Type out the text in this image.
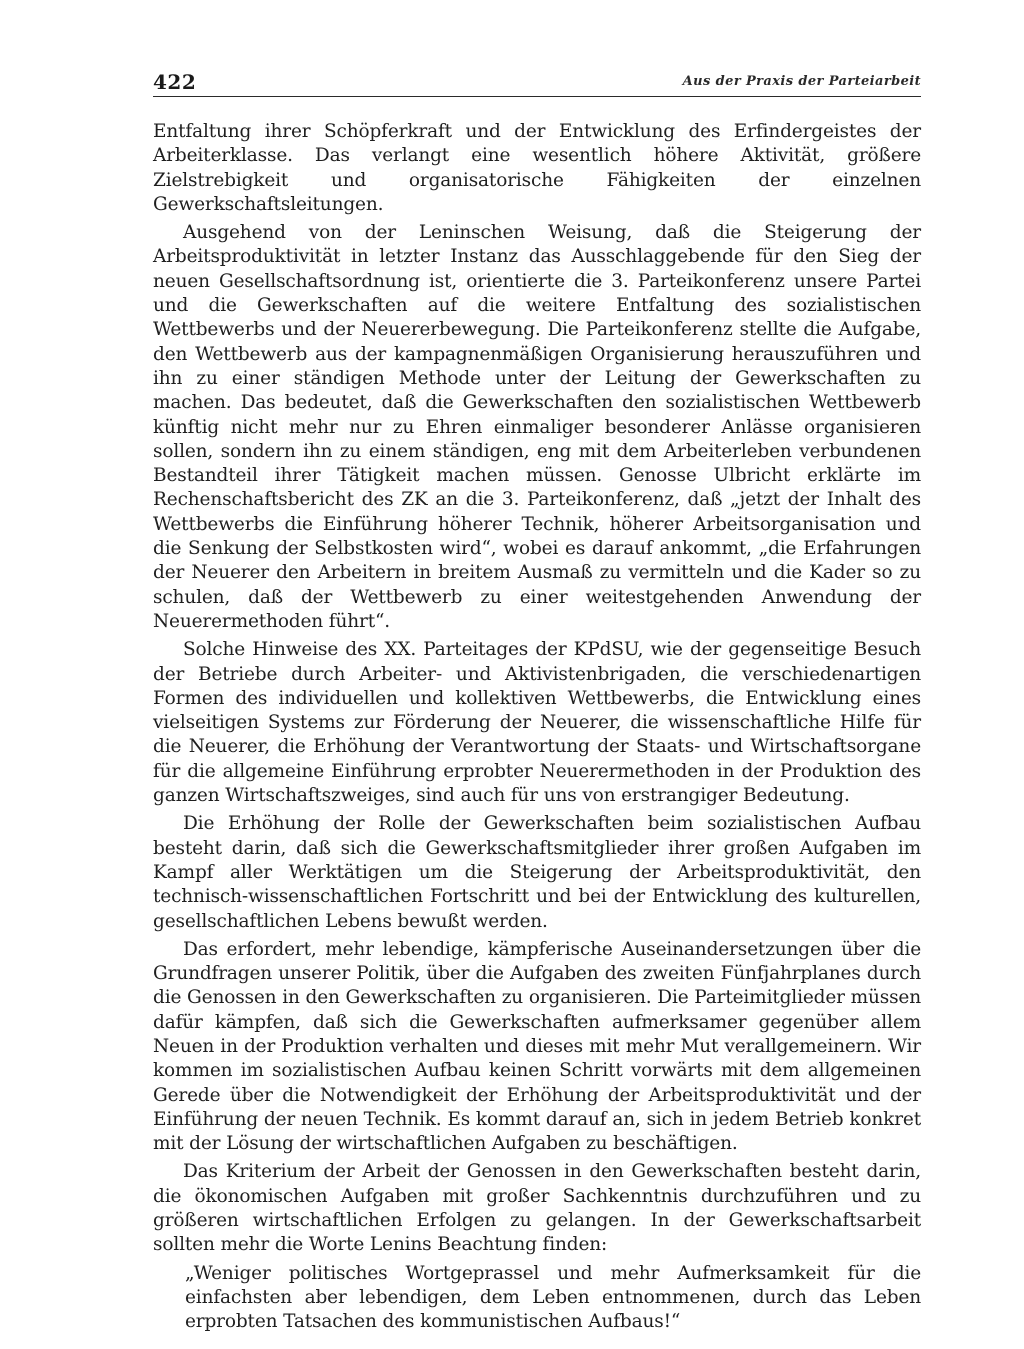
422	Aus der Praxis der Parteiarbeit

Entfaltung ihrer Schöpferkraft und der Entwicklung des Erfindergeistes der Arbeiterklasse. Das verlangt eine wesentlich höhere Aktivität, größere Zielstrebigkeit und organisatorische Fähigkeiten der einzelnen Gewerkschaftsleitungen.

Ausgehend von der Leninschen Weisung, daß die Steigerung der Arbeitsproduktivität in letzter Instanz das Ausschlaggebende für den Sieg der neuen Gesellschaftsordnung ist, orientierte die 3. Parteikonferenz unsere Partei und die Gewerkschaften auf die weitere Entfaltung des sozialistischen Wettbewerbs und der Neuererbewegung. Die Parteikonferenz stellte die Aufgabe, den Wettbewerb aus der kampagnenmäßigen Organisierung herauszuführen und ihn zu einer ständigen Methode unter der Leitung der Gewerkschaften zu machen. Das bedeutet, daß die Gewerkschaften den sozialistischen Wettbewerb künftig nicht mehr nur zu Ehren einmaliger besonderer Anlässe organisieren sollen, sondern ihn zu einem ständigen, eng mit dem Arbeiterleben verbundenen Bestandteil ihrer Tätigkeit machen müssen. Genosse Ulbricht erklärte im Rechenschaftsbericht des ZK an die 3. Parteikonferenz, daß „jetzt der Inhalt des Wettbewerbs die Einführung höherer Technik, höherer Arbeitsorganisation und die Senkung der Selbstkosten wird“, wobei es darauf ankommt, „die Erfahrungen der Neuerer den Arbeitern in breitem Ausmaß zu vermitteln und die Kader so zu schulen, daß der Wettbewerb zu einer weitestgehenden Anwendung der Neuerermethoden führt“.

Solche Hinweise des XX. Parteitages der KPdSU, wie der gegenseitige Besuch der Betriebe durch Arbeiter- und Aktivistenbrigaden, die verschiedenartigen Formen des individuellen und kollektiven Wettbewerbs, die Entwicklung eines vielseitigen Systems zur Förderung der Neuerer, die wissenschaftliche Hilfe für die Neuerer, die Erhöhung der Verantwortung der Staats- und Wirtschaftsorgane für die allgemeine Einführung erprobter Neuerermethoden in der Produktion des ganzen Wirtschaftszweiges, sind auch für uns von erstrangiger Bedeutung.

Die Erhöhung der Rolle der Gewerkschaften beim sozialistischen Aufbau besteht darin, daß sich die Gewerkschaftsmitglieder ihrer großen Aufgaben im Kampf aller Werktätigen um die Steigerung der Arbeitsproduktivität, den technisch-wissenschaftlichen Fortschritt und bei der Entwicklung des kulturellen, gesellschaftlichen Lebens bewußt werden.

Das erfordert, mehr lebendige, kämpferische Auseinandersetzungen über die Grundfragen unserer Politik, über die Aufgaben des zweiten Fünfjahrplanes durch die Genossen in den Gewerkschaften zu organisieren. Die Parteimitglieder müssen dafür kämpfen, daß sich die Gewerkschaften aufmerksamer gegenüber allem Neuen in der Produktion verhalten und dieses mit mehr Mut verallgemeinern. Wir kommen im sozialistischen Aufbau keinen Schritt vorwärts mit dem allgemeinen Gerede über die Notwendigkeit der Erhöhung der Arbeitsproduktivität und der Einführung der neuen Technik. Es kommt darauf an, sich in jedem Betrieb konkret mit der Lösung der wirtschaftlichen Aufgaben zu beschäftigen.

Das Kriterium der Arbeit der Genossen in den Gewerkschaften besteht darin, die ökonomischen Aufgaben mit großer Sachkenntnis durchzuführen und zu größeren wirtschaftlichen Erfolgen zu gelangen. In der Gewerkschaftsarbeit sollten mehr die Worte Lenins Beachtung finden:

„Weniger politisches Wortgeprassel und mehr Aufmerksamkeit für die einfachsten aber lebendigen, dem Leben entnommenen, durch das Leben erprobten Tatsachen des kommunistischen Aufbaus!“
